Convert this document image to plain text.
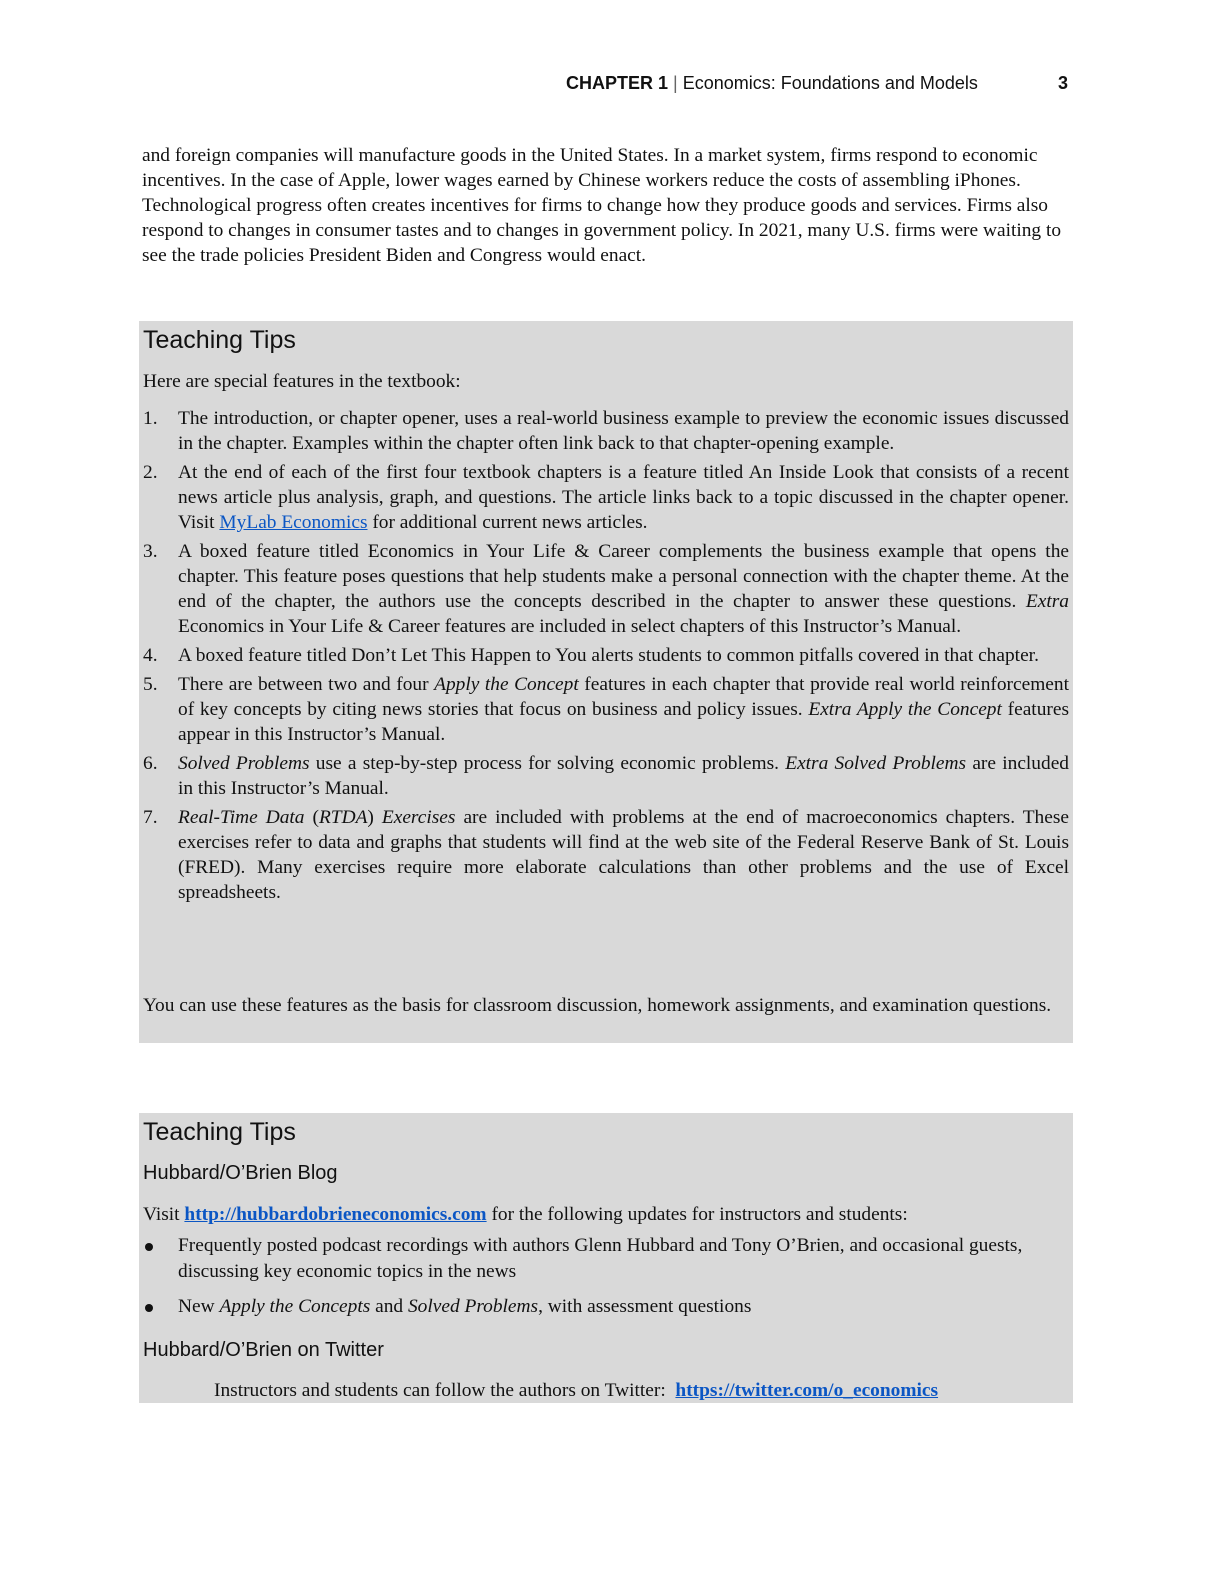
CHAPTER 1 | Economics: Foundations and Models	3

and foreign companies will manufacture goods in the United States. In a market system, firms respond to economic incentives. In the case of Apple, lower wages earned by Chinese workers reduce the costs of assembling iPhones. Technological progress often creates incentives for firms to change how they produce goods and services. Firms also respond to changes in consumer tastes and to changes in government policy. In 2021, many U.S. firms were waiting to see the trade policies President Biden and Congress would enact.

Teaching Tips

Here are special features in the textbook:

1. The introduction, or chapter opener, uses a real-world business example to preview the economic issues discussed in the chapter. Examples within the chapter often link back to that chapter-opening example.
2. At the end of each of the first four textbook chapters is a feature titled An Inside Look that consists of a recent news article plus analysis, graph, and questions. The article links back to a topic discussed in the chapter opener. Visit MyLab Economics for additional current news articles.
3. A boxed feature titled Economics in Your Life & Career complements the business example that opens the chapter. This feature poses questions that help students make a personal connection with the chapter theme. At the end of the chapter, the authors use the concepts described in the chapter to answer these questions. Extra Economics in Your Life & Career features are included in select chapters of this Instructor’s Manual.
4. A boxed feature titled Don’t Let This Happen to You alerts students to common pitfalls covered in that chapter.
5. There are between two and four Apply the Concept features in each chapter that provide real world reinforcement of key concepts by citing news stories that focus on business and policy issues. Extra Apply the Concept features appear in this Instructor’s Manual.
6. Solved Problems use a step-by-step process for solving economic problems. Extra Solved Problems are included in this Instructor’s Manual.
7. Real-Time Data (RTDA) Exercises are included with problems at the end of macroeconomics chapters. These exercises refer to data and graphs that students will find at the web site of the Federal Reserve Bank of St. Louis (FRED). Many exercises require more elaborate calculations than other problems and the use of Excel spreadsheets.

You can use these features as the basis for classroom discussion, homework assignments, and examination questions.

Teaching Tips
Hubbard/O’Brien Blog

Visit http://hubbardobrieneconomics.com for the following updates for instructors and students:

Frequently posted podcast recordings with authors Glenn Hubbard and Tony O’Brien, and occasional guests, discussing key economic topics in the news
New Apply the Concepts and Solved Problems, with assessment questions
Hubbard/O’Brien on Twitter

Instructors and students can follow the authors on Twitter:  https://twitter.com/o_economics
